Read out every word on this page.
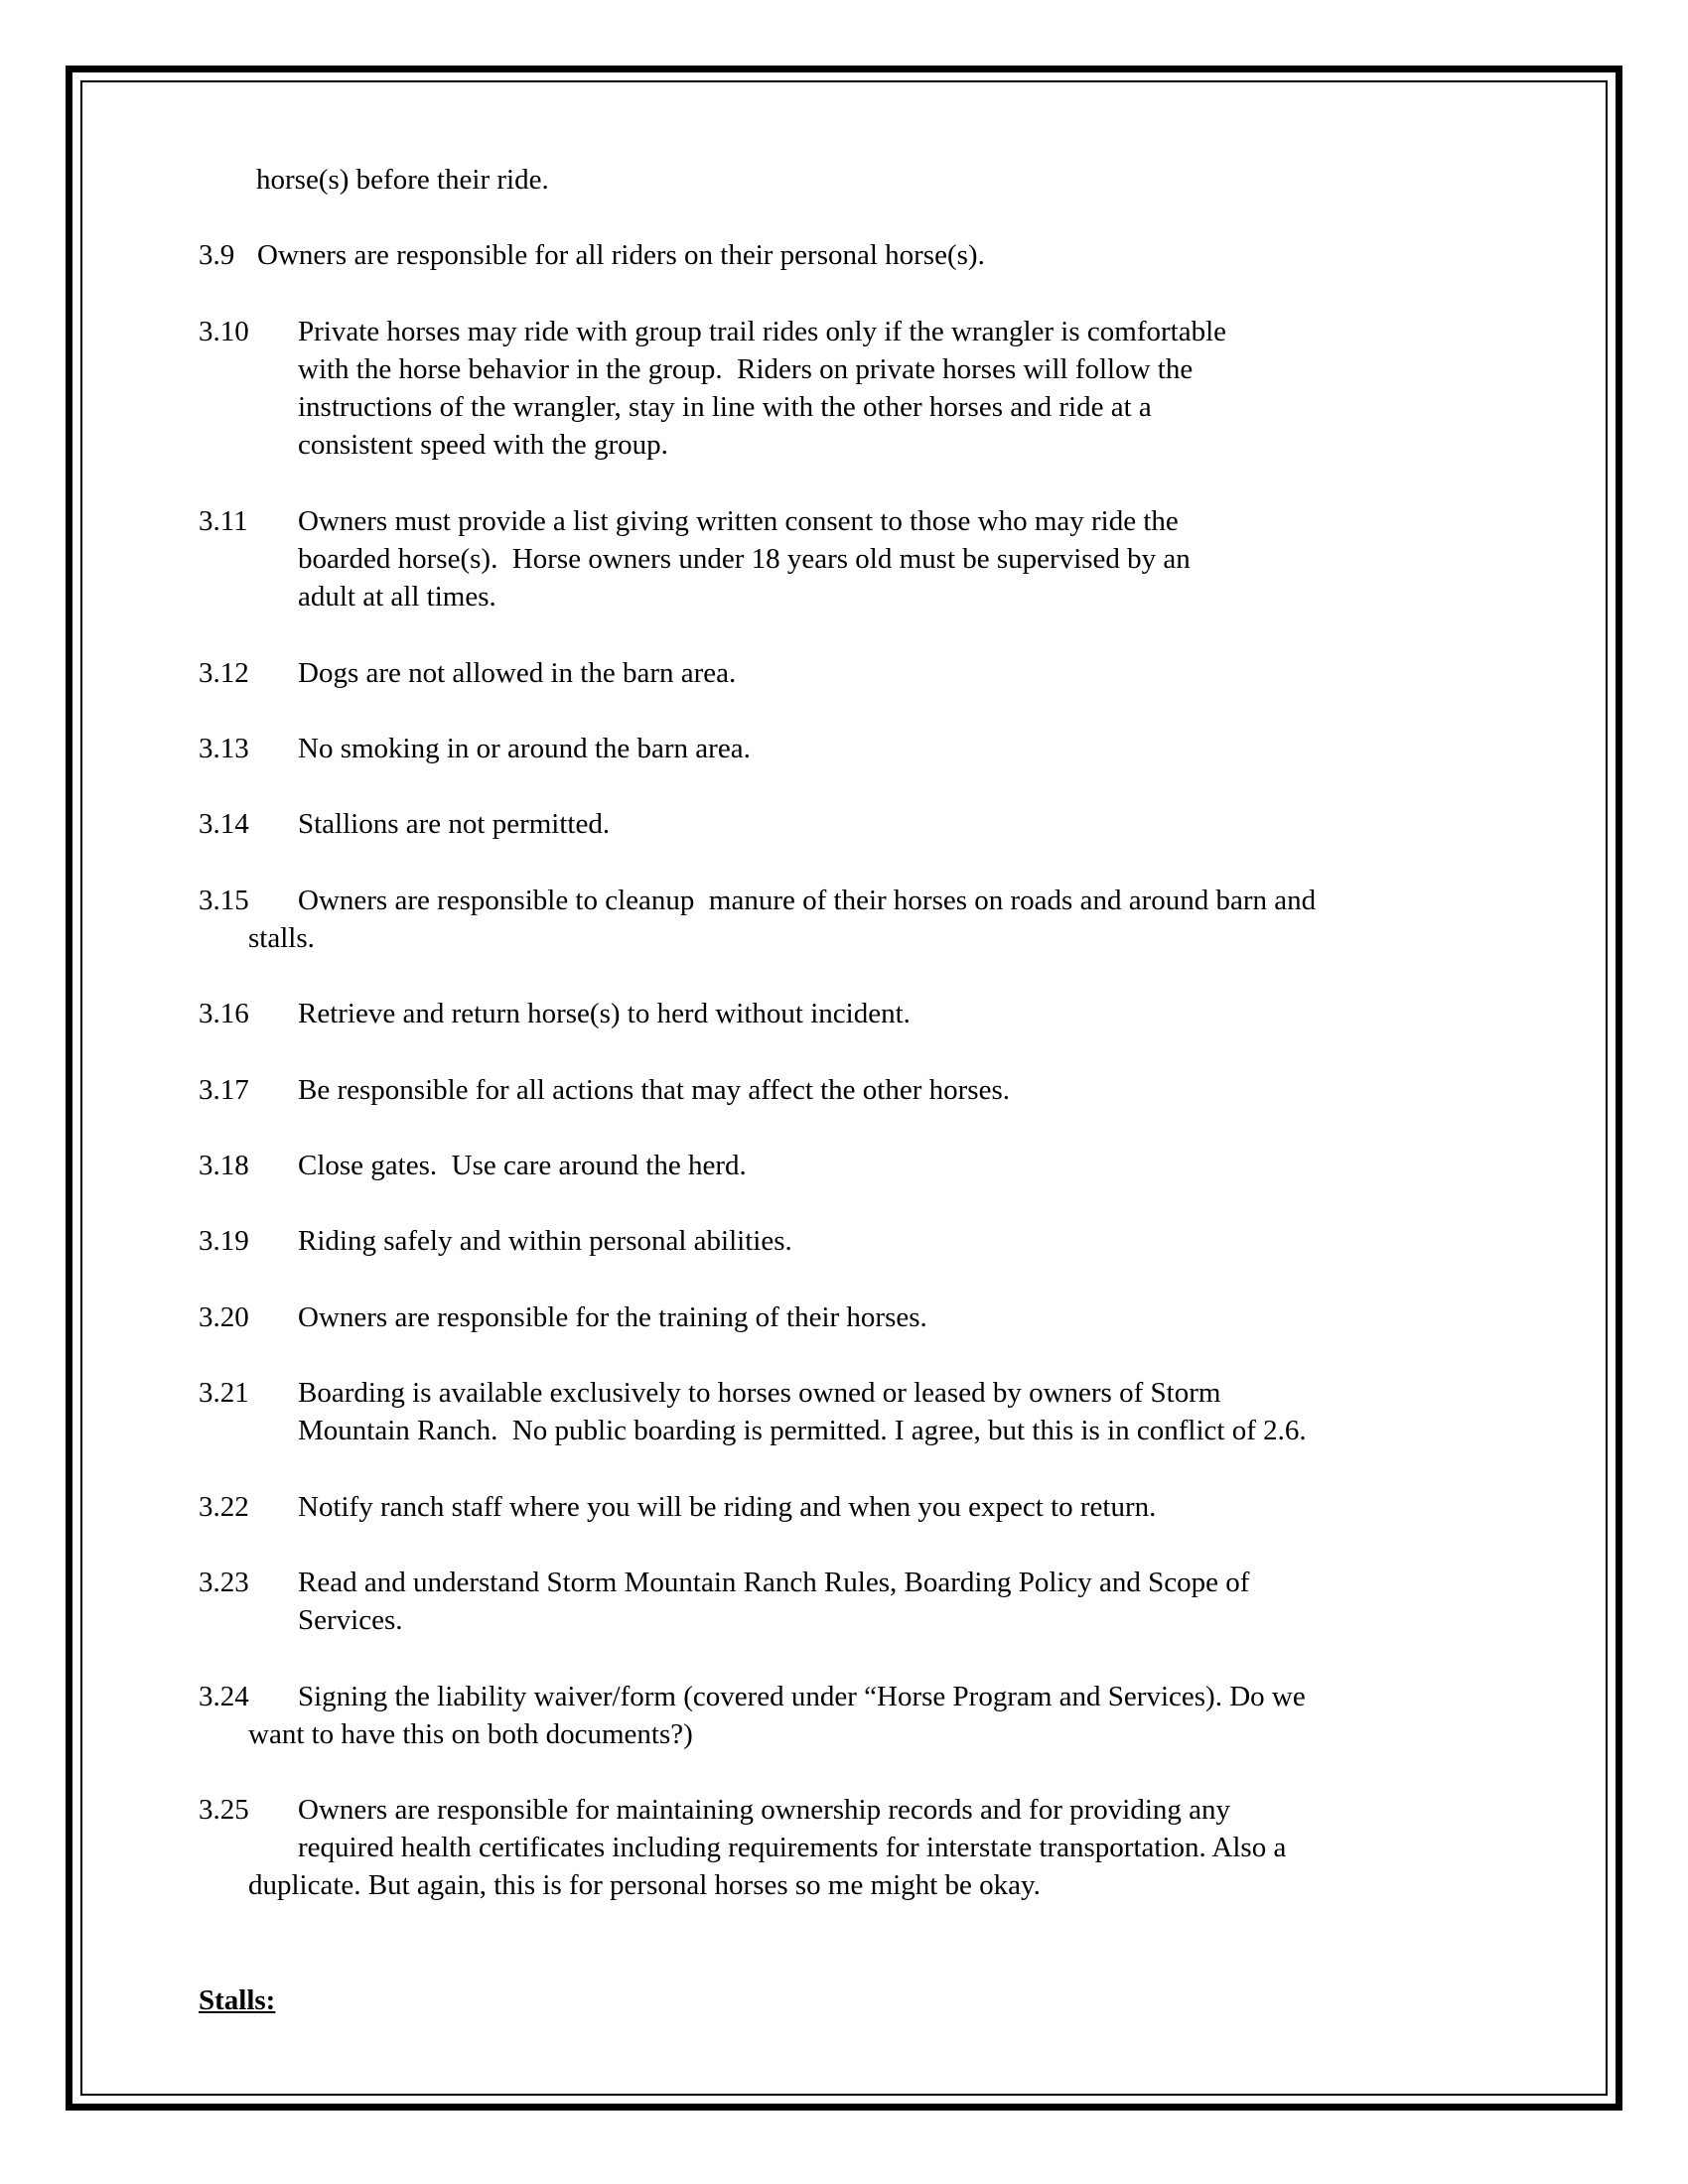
horse(s) before their ride.
3.9 Owners are responsible for all riders on their personal horse(s).
3.10 Private horses may ride with group trail rides only if the wrangler is comfortable
with the horse behavior in the group.  Riders on private horses will follow the
instructions of the wrangler, stay in line with the other horses and ride at a
consistent speed with the group.
3.11 Owners must provide a list giving written consent to those who may ride the
boarded horse(s).  Horse owners under 18 years old must be supervised by an
adult at all times.
3.12 Dogs are not allowed in the barn area.
3.13 No smoking in or around the barn area.
3.14 Stallions are not permitted.
3.15 Owners are responsible to cleanup  manure of their horses on roads and around barn and
stalls.
3.16 Retrieve and return horse(s) to herd without incident.
3.17 Be responsible for all actions that may affect the other horses.
3.18 Close gates.  Use care around the herd.
3.19 Riding safely and within personal abilities.
3.20 Owners are responsible for the training of their horses.
3.21 Boarding is available exclusively to horses owned or leased by owners of Storm
Mountain Ranch.  No public boarding is permitted. I agree, but this is in conflict of 2.6.
3.22 Notify ranch staff where you will be riding and when you expect to return.
3.23 Read and understand Storm Mountain Ranch Rules, Boarding Policy and Scope of
Services.
3.24 Signing the liability waiver/form (covered under “Horse Program and Services). Do we
want to have this on both documents?)
3.25 Owners are responsible for maintaining ownership records and for providing any
required health certificates including requirements for interstate transportation. Also a
duplicate. But again, this is for personal horses so me might be okay.
Stalls:
